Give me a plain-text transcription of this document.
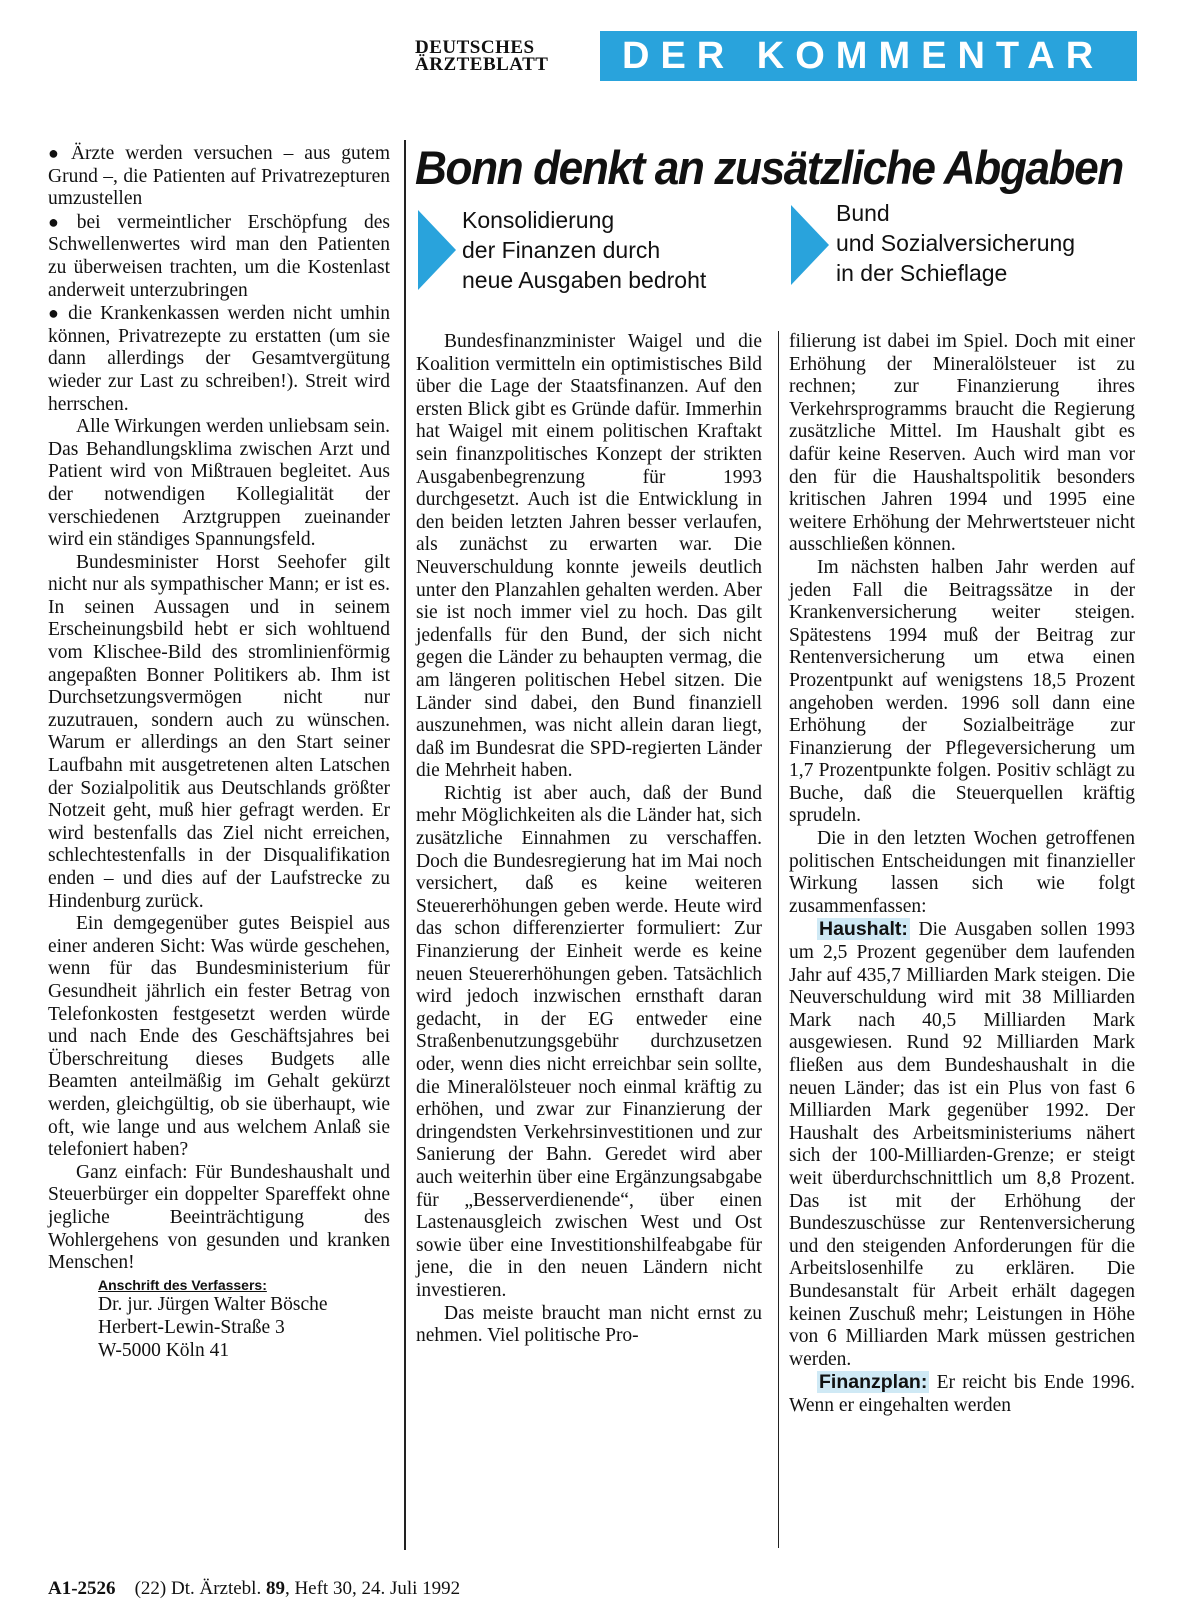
DEUTSCHES
ÄRZTEBLATT	DER KOMMENTAR

● Ärzte werden versuchen – aus gutem Grund –, die Patienten auf Privatrezepturen umzustellen

● bei vermeintlicher Erschöpfung des Schwellenwertes wird man den Patienten zu überweisen trachten, um die Kostenlast anderweit unterzubringen

● die Krankenkassen werden nicht umhin können, Privatrezepte zu erstatten (um sie dann allerdings der Gesamtvergütung wieder zur Last zu schreiben!). Streit wird herrschen.

Alle Wirkungen werden unliebsam sein. Das Behandlungsklima zwischen Arzt und Patient wird von Mißtrauen begleitet. Aus der notwendigen Kollegialität der verschiedenen Arztgruppen zueinander wird ein ständiges Spannungsfeld.

Bundesminister Horst Seehofer gilt nicht nur als sympathischer Mann; er ist es. In seinen Aussagen und in seinem Erscheinungsbild hebt er sich wohltuend vom Klischee-Bild des stromlinienförmig angepaßten Bonner Politikers ab. Ihm ist Durchsetzungsvermögen nicht nur zuzutrauen, sondern auch zu wünschen. Warum er allerdings an den Start seiner Laufbahn mit ausgetretenen alten Latschen der Sozialpolitik aus Deutschlands größter Notzeit geht, muß hier gefragt werden. Er wird bestenfalls das Ziel nicht erreichen, schlechtestenfalls in der Disqualifikation enden – und dies auf der Laufstrecke zu Hindenburg zurück.

Ein demgegenüber gutes Beispiel aus einer anderen Sicht: Was würde geschehen, wenn für das Bundesministerium für Gesundheit jährlich ein fester Betrag von Telefonkosten festgesetzt werden würde und nach Ende des Geschäftsjahres bei Überschreitung dieses Budgets alle Beamten anteilmäßig im Gehalt gekürzt werden, gleichgültig, ob sie überhaupt, wie oft, wie lange und aus welchem Anlaß sie telefoniert haben?

Ganz einfach: Für Bundeshaushalt und Steuerbürger ein doppelter Spareffekt ohne jegliche Beeinträchtigung des Wohlergehens von gesunden und kranken Menschen!

Anschrift des Verfassers:
Dr. jur. Jürgen Walter Bösche
Herbert-Lewin-Straße 3
W-5000 Köln 41
Bonn denkt an zusätzliche Abgaben
Konsolidierung
der Finanzen durch
neue Ausgaben bedroht
Bund
und Sozialversicherung
in der Schieflage

Bundesfinanzminister Waigel und die Koalition vermitteln ein optimistisches Bild über die Lage der Staatsfinanzen. Auf den ersten Blick gibt es Gründe dafür. Immerhin hat Waigel mit einem politischen Kraftakt sein finanzpolitisches Konzept der strikten Ausgabenbegrenzung für 1993 durchgesetzt. Auch ist die Entwicklung in den beiden letzten Jahren besser verlaufen, als zunächst zu erwarten war. Die Neuverschuldung konnte jeweils deutlich unter den Planzahlen gehalten werden. Aber sie ist noch immer viel zu hoch. Das gilt jedenfalls für den Bund, der sich nicht gegen die Länder zu behaupten vermag, die am längeren politischen Hebel sitzen. Die Länder sind dabei, den Bund finanziell auszunehmen, was nicht allein daran liegt, daß im Bundesrat die SPD-regierten Länder die Mehrheit haben.

Richtig ist aber auch, daß der Bund mehr Möglichkeiten als die Länder hat, sich zusätzliche Einnahmen zu verschaffen. Doch die Bundesregierung hat im Mai noch versichert, daß es keine weiteren Steuererhöhungen geben werde. Heute wird das schon differenzierter formuliert: Zur Finanzierung der Einheit werde es keine neuen Steuererhöhungen geben. Tatsächlich wird jedoch inzwischen ernsthaft daran gedacht, in der EG entweder eine Straßenbenutzungsgebühr durchzusetzen oder, wenn dies nicht erreichbar sein sollte, die Mineralölsteuer noch einmal kräftig zu erhöhen, und zwar zur Finanzierung der dringendsten Verkehrsinvestitionen und zur Sanierung der Bahn. Geredet wird aber auch weiterhin über eine Ergänzungsabgabe für „Besserverdienende“, über einen Lastenausgleich zwischen West und Ost sowie über eine Investitionshilfeabgabe für jene, die in den neuen Ländern nicht investieren.

Das meiste braucht man nicht ernst zu nehmen. Viel politische Pro-

filierung ist dabei im Spiel. Doch mit einer Erhöhung der Mineralölsteuer ist zu rechnen; zur Finanzierung ihres Verkehrsprogramms braucht die Regierung zusätzliche Mittel. Im Haushalt gibt es dafür keine Reserven. Auch wird man vor den für die Haushaltspolitik besonders kritischen Jahren 1994 und 1995 eine weitere Erhöhung der Mehrwertsteuer nicht ausschließen können.

Im nächsten halben Jahr werden auf jeden Fall die Beitragssätze in der Krankenversicherung weiter steigen. Spätestens 1994 muß der Beitrag zur Rentenversicherung um etwa einen Prozentpunkt auf wenigstens 18,5 Prozent angehoben werden. 1996 soll dann eine Erhöhung der Sozialbeiträge zur Finanzierung der Pflegeversicherung um 1,7 Prozentpunkte folgen. Positiv schlägt zu Buche, daß die Steuerquellen kräftig sprudeln.

Die in den letzten Wochen getroffenen politischen Entscheidungen mit finanzieller Wirkung lassen sich wie folgt zusammenfassen:

Haushalt: Die Ausgaben sollen 1993 um 2,5 Prozent gegenüber dem laufenden Jahr auf 435,7 Milliarden Mark steigen. Die Neuverschuldung wird mit 38 Milliarden Mark nach 40,5 Milliarden Mark ausgewiesen. Rund 92 Milliarden Mark fließen aus dem Bundeshaushalt in die neuen Länder; das ist ein Plus von fast 6 Milliarden Mark gegenüber 1992. Der Haushalt des Arbeitsministeriums nähert sich der 100-Milliarden-Grenze; er steigt weit überdurchschnittlich um 8,8 Prozent. Das ist mit der Erhöhung der Bundeszuschüsse zur Rentenversicherung und den steigenden Anforderungen für die Arbeitslosenhilfe zu erklären. Die Bundesanstalt für Arbeit erhält dagegen keinen Zuschuß mehr; Leistungen in Höhe von 6 Milliarden Mark müssen gestrichen werden.

Finanzplan: Er reicht bis Ende 1996. Wenn er eingehalten werden

A1-2526 (22) Dt. Ärztebl. 89, Heft 30, 24. Juli 1992
